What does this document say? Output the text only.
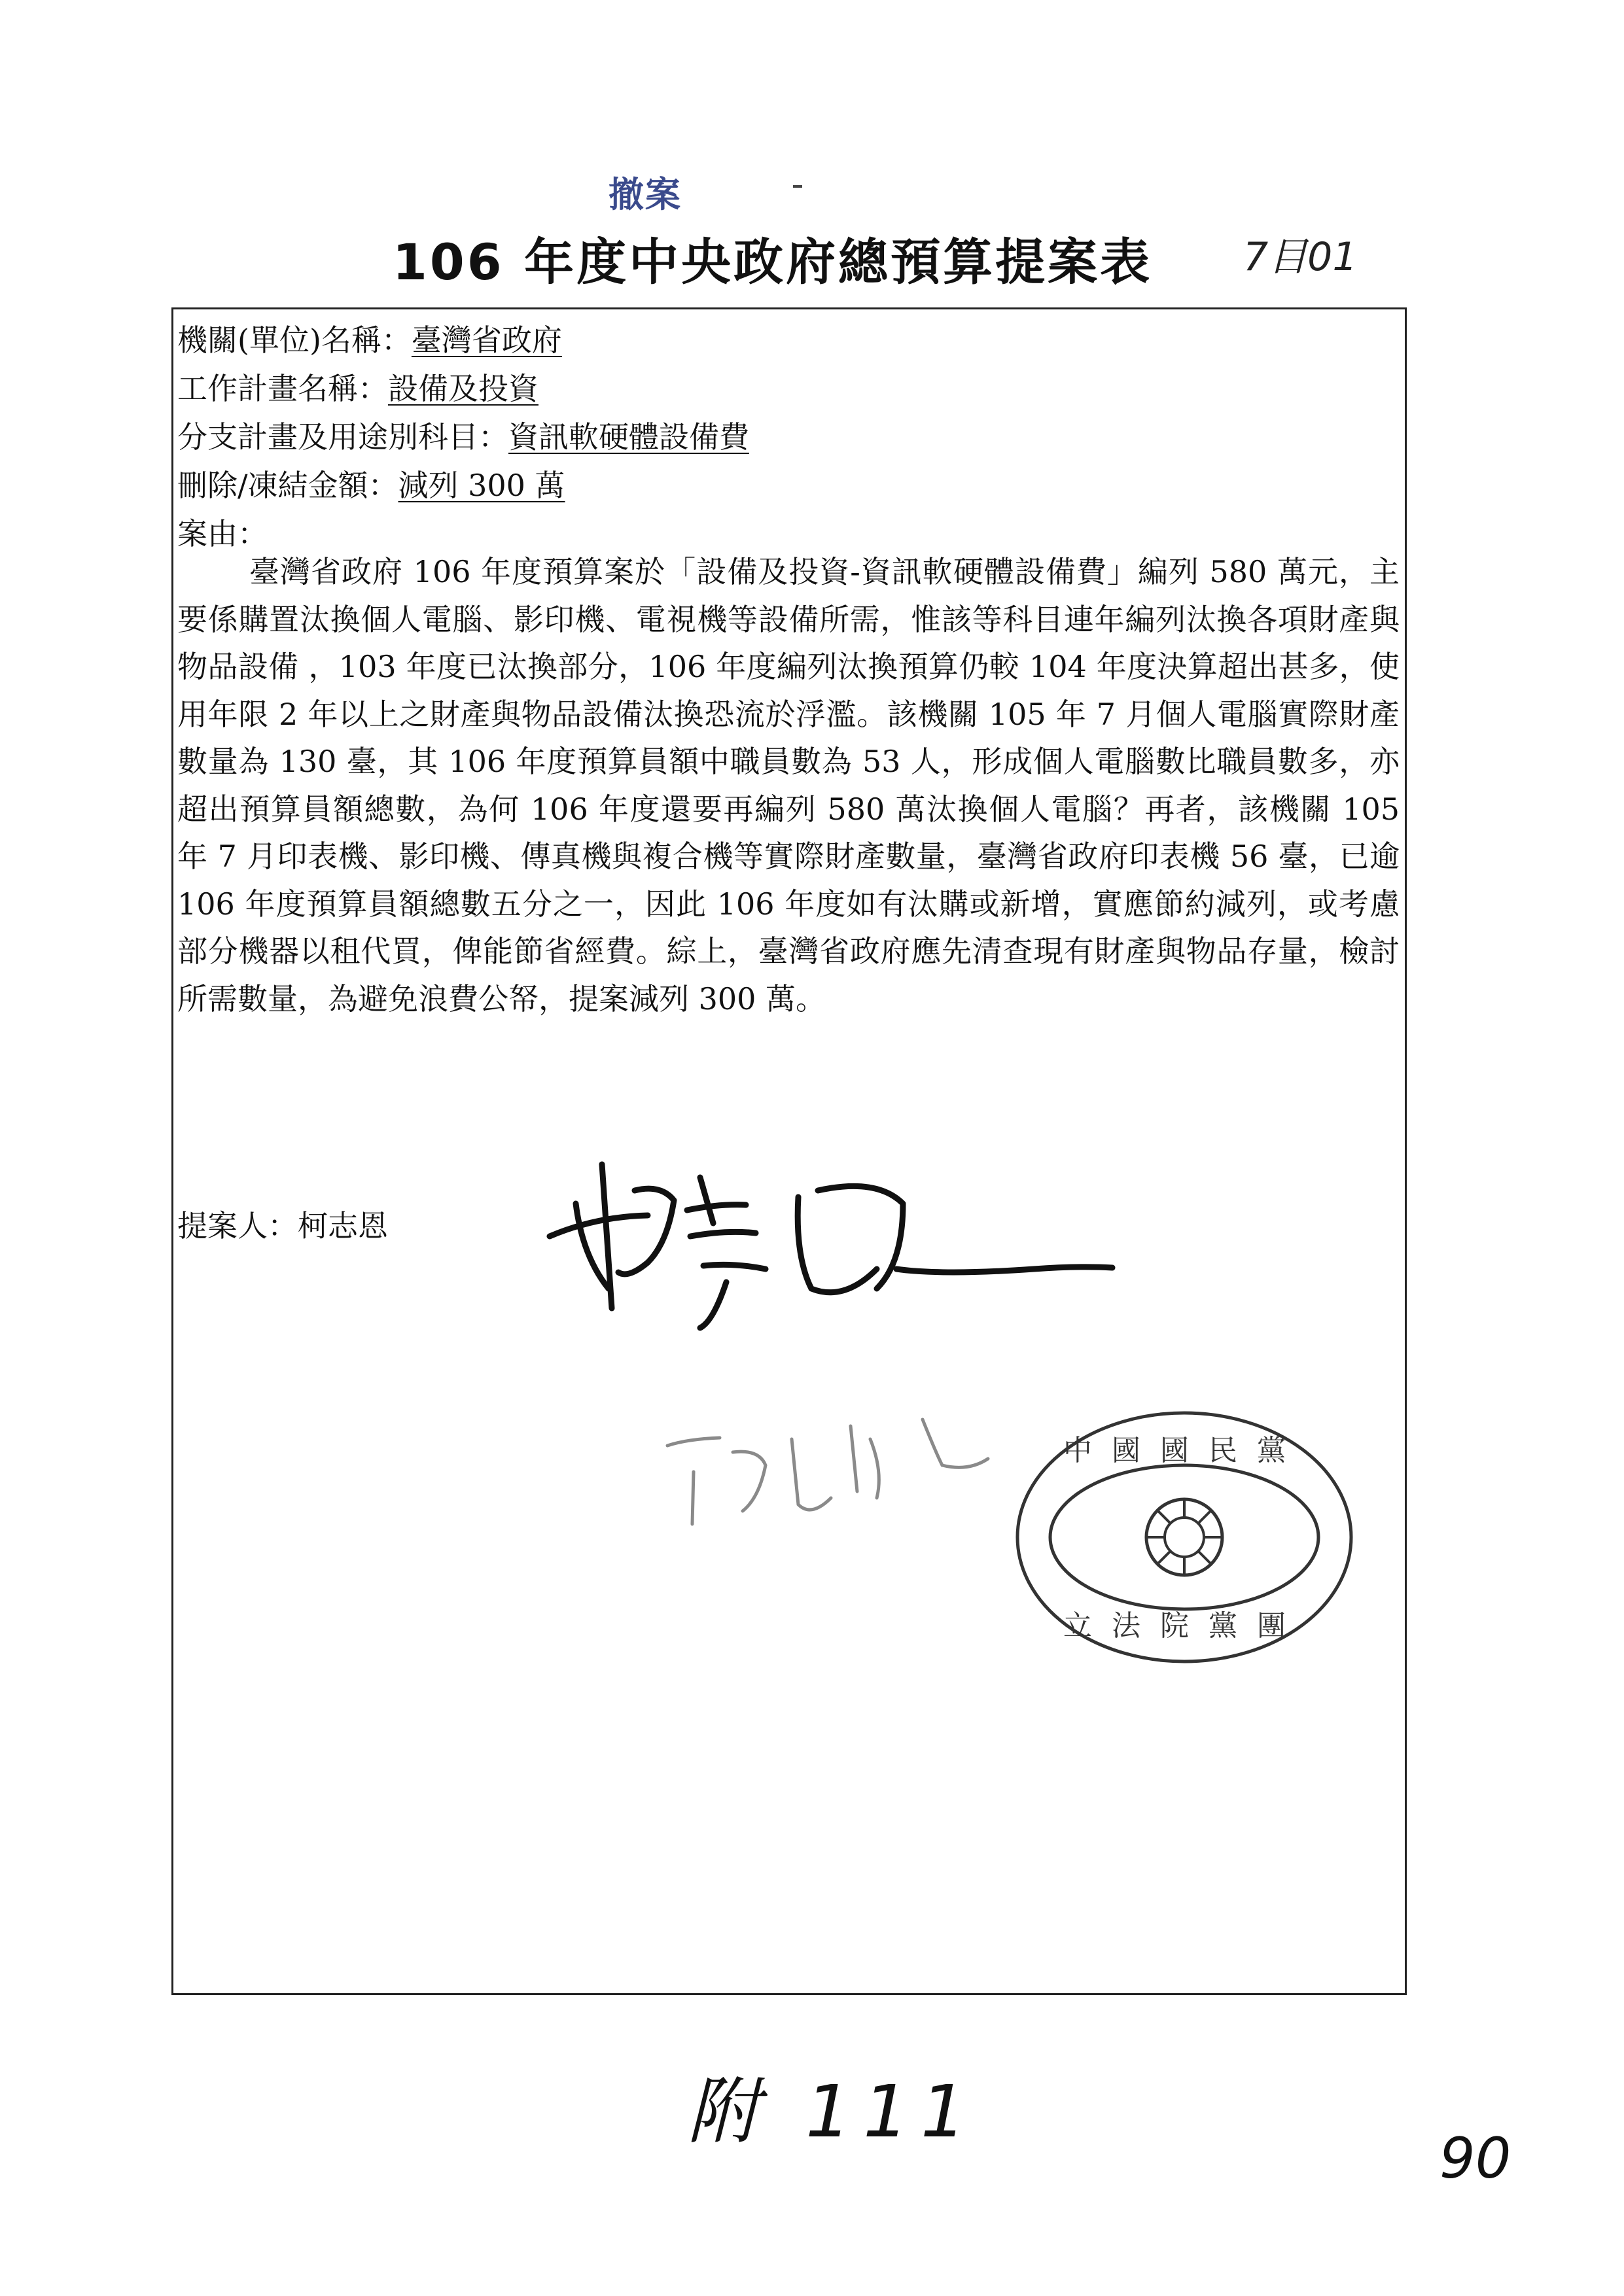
撤案
106 年度中央政府總預算提案表 7目01
機關(單位)名稱：臺灣省政府
工作計畫名稱：設備及投資
分支計畫及用途別科目：資訊軟硬體設備費
刪除/凍結金額：減列 300 萬
案由：
臺灣省政府 106 年度預算案於「設備及投資-資訊軟硬體設備費」編列 580 萬元，主要係購置汰換個人電腦、影印機、電視機等設備所需，惟該等科目連年編列汰換各項財產與物品設備 ，103 年度已汰換部分，106 年度編列汰換預算仍較 104 年度決算超出甚多，使用年限 2 年以上之財產與物品設備汰換恐流於浮濫。該機關 105 年 7 月個人電腦實際財產數量為 130 臺，其 106 年度預算員額中職員數為 53 人，形成個人電腦數比職員數多，亦超出預算員額總數，為何 106 年度還要再編列 580 萬汰換個人電腦？再者，該機關 105 年 7 月印表機、影印機、傳真機與複合機等實際財產數量，臺灣省政府印表機 56 臺，已逾 106 年度預算員額總數五分之一，因此 106 年度如有汰購或新增，實應節約減列，或考慮部分機器以租代買，俾能節省經費。綜上，臺灣省政府應先清查現有財產與物品存量，檢討所需數量，為避免浪費公帑，提案減列 300 萬。
提案人：柯志恩
中國國民黨
立法院黨團
附 111
90
